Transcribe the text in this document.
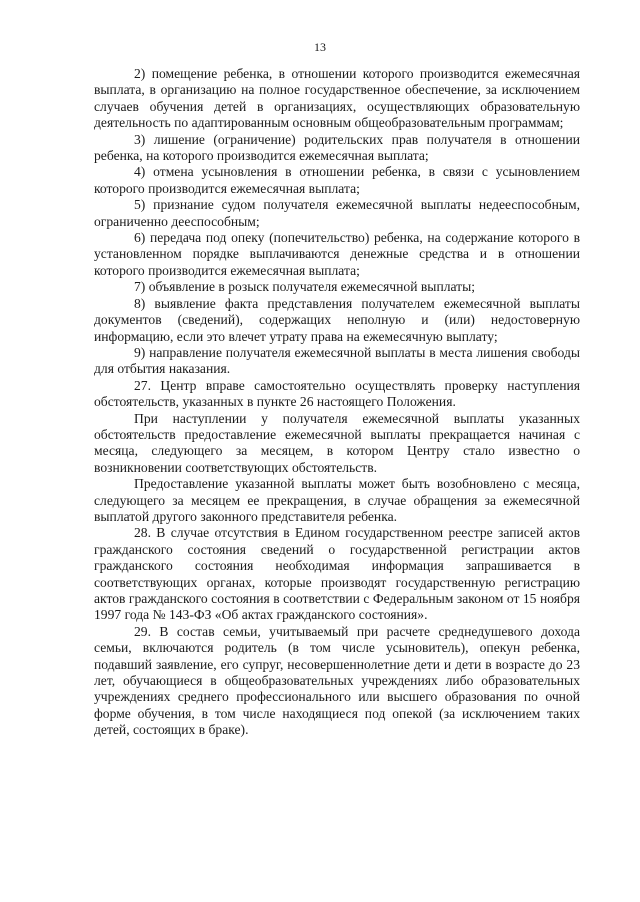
13

2) помещение ребенка, в отношении которого производится ежемесячная выплата, в организацию на полное государственное обеспечение, за исключением случаев обучения детей в организациях, осуществляющих образовательную деятельность по адаптированным основным общеобразовательным программам;

3) лишение (ограничение) родительских прав получателя в отношении ребенка, на которого производится ежемесячная выплата;

4) отмена усыновления в отношении ребенка, в связи с усыновлением которого производится ежемесячная выплата;

5) признание судом получателя ежемесячной выплаты недееспособным, ограниченно дееспособным;

6) передача под опеку (попечительство) ребенка, на содержание которого в установленном порядке выплачиваются денежные средства и в отношении которого производится ежемесячная выплата;

7) объявление в розыск получателя ежемесячной выплаты;

8) выявление факта представления получателем ежемесячной выплаты документов (сведений), содержащих неполную и (или) недостоверную информацию, если это влечет утрату права на ежемесячную выплату;

9) направление получателя ежемесячной выплаты в места лишения свободы для отбытия наказания.

27. Центр вправе самостоятельно осуществлять проверку наступления обстоятельств, указанных в пункте 26 настоящего Положения.

При наступлении у получателя ежемесячной выплаты указанных обстоятельств предоставление ежемесячной выплаты прекращается начиная с месяца, следующего за месяцем, в котором Центру стало известно о возникновении соответствующих обстоятельств.

Предоставление указанной выплаты может быть возобновлено с месяца, следующего за месяцем ее прекращения, в случае обращения за ежемесячной выплатой другого законного представителя ребенка.

28. В случае отсутствия в Едином государственном реестре записей актов гражданского состояния сведений о государственной регистрации актов гражданского состояния необходимая информация запрашивается в соответствующих органах, которые производят государственную регистрацию актов гражданского состояния в соответствии с Федеральным законом от 15 ноября 1997 года № 143-ФЗ «Об актах гражданского состояния».

29. В состав семьи, учитываемый при расчете среднедушевого дохода семьи, включаются родитель (в том числе усыновитель), опекун ребенка, подавший заявление, его супруг, несовершеннолетние дети и дети в возрасте до 23 лет, обучающиеся в общеобразовательных учреждениях либо образовательных учреждениях среднего профессионального или высшего образования по очной форме обучения, в том числе находящиеся под опекой (за исключением таких детей, состоящих в браке).
